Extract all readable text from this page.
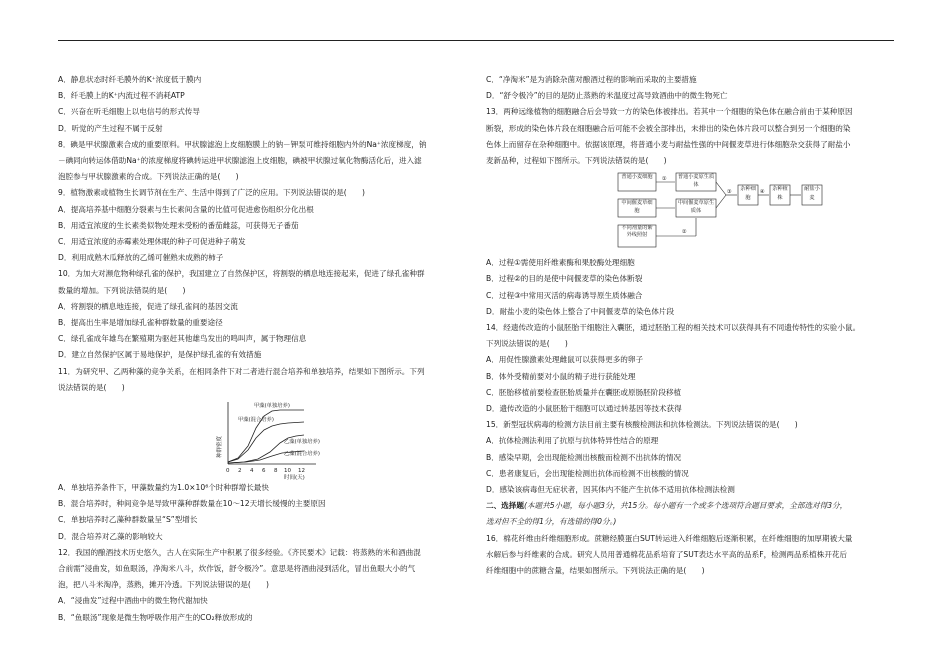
A．静息状态时纤毛膜外的K⁺浓度低于膜内

B．纤毛膜上的K⁺内流过程不消耗ATP

C．兴奋在听毛细胞上以电信号的形式传导

D．听觉的产生过程不属于反射

8．碘是甲状腺激素合成的重要原料。甲状腺滤泡上皮细胞膜上的钠－钾泵可维持细胞内外的Na⁺浓度梯度，钠

－碘同向转运体借助Na⁺的浓度梯度将碘转运进甲状腺滤泡上皮细胞，碘被甲状腺过氧化物酶活化后，进入滤

泡腔参与甲状腺激素的合成。下列说法正确的是(　　)

9．植物激素或植物生长调节剂在生产、生活中得到了广泛的应用。下列说法错误的是(　　)

A．提高培养基中细胞分裂素与生长素间含量的比值可促进愈伤组织分化出根

B．用适宜浓度的生长素类似物处理未受粉的番茄雌蕊，可获得无子番茄

C．用适宜浓度的赤霉素处理休眠的种子可促进种子萌发

D．利用成熟木瓜释放的乙烯可催熟未成熟的柿子

10．为加大对濒危物种绿孔雀的保护，我国建立了自然保护区，将割裂的栖息地连接起来，促进了绿孔雀种群

数量的增加。下列说法错误的是(　　)

A．将割裂的栖息地连接，促进了绿孔雀间的基因交流

B．提高出生率是增加绿孔雀种群数量的重要途径

C．绿孔雀成年雄鸟在繁殖期为驱赶其他雄鸟发出的鸣叫声，属于物理信息

D．建立自然保护区属于易地保护，是保护绿孔雀的有效措施

11．为研究甲、乙两种藻的竞争关系，在相同条件下对二者进行混合培养和单独培养，结果如下图所示。下列

说法错误的是(　　)

种群密度
甲藻(单独培养)
甲藻(混合培养)
乙藻(单独培养)
乙藻(混合培养)
0 2 4 6 8 10 12
时间(天)

A．单独培养条件下，甲藻数量约为1.0×10⁶个时种群增长最快

B．混合培养时，种间竞争是导致甲藻种群数量在10～12天增长缓慢的主要原因

C．单独培养时乙藻种群数量呈“S”型增长

D．混合培养对乙藻的影响较大

12．我国的酿酒技术历史悠久，古人在实际生产中积累了很多经验。《齐民要术》记载：将蒸熟的米和酒曲混

合前需“浸曲发，如鱼眼汤，净淘米八斗，炊作饭，舒令极冷”。意思是将酒曲浸到活化，冒出鱼眼大小的气

泡，把八斗米淘净，蒸熟，摊开冷透。下列说法错误的是(　　)

A．“浸曲发”过程中酒曲中的微生物代谢加快

B．“鱼眼汤”现象是微生物呼吸作用产生的CO₂释放形成的

C．“净淘米”是为消除杂菌对酿酒过程的影响而采取的主要措施

D．“舒令极冷”的目的是防止蒸熟的米温度过高导致酒曲中的微生物死亡

13．两种远缘植物的细胞融合后会导致一方的染色体被排出。若其中一个细胞的染色体在融合前由于某种原因

断裂，形成的染色体片段在细胞融合后可能不会被全部排出，未排出的染色体片段可以整合到另一个细胞的染

色体上而留存在杂种细胞中。依据该原理，将普通小麦与耐盐性强的中间偃麦草进行体细胞杂交获得了耐盐小

麦新品种，过程如下图所示。下列说法错误的是(　　)

普通小麦细胞
中间偃麦草细胞
不同剂量的紫外线照射
普通小麦原生质体
中间偃麦草原生质体
杂种细胞
杂种植株
耐盐小麦
①
②
③	④

A．过程①需使用纤维素酶和果胶酶处理细胞

B．过程②的目的是使中间偃麦草的染色体断裂

C．过程③中常用灭活的病毒诱导原生质体融合

D．耐盐小麦的染色体上整合了中间偃麦草的染色体片段

14．经遗传改造的小鼠胚胎干细胞注入囊胚，通过胚胎工程的相关技术可以获得具有不同遗传特性的实验小鼠。

下列说法错误的是(　　)

A．用促性腺激素处理雌鼠可以获得更多的卵子

B．体外受精前要对小鼠的精子进行获能处理

C．胚胎移植前要检查胚胎质量并在囊胚或原肠胚阶段移植

D．遗传改造的小鼠胚胎干细胞可以通过转基因等技术获得

15．新型冠状病毒的检测方法目前主要有核酸检测法和抗体检测法。下列说法错误的是(　　)

A．抗体检测法利用了抗原与抗体特异性结合的原理

B．感染早期，会出现能检测出核酸而检测不出抗体的情况

C．患者康复后，会出现能检测出抗体而检测不出核酸的情况

D．感染该病毒但无症状者，因其体内不能产生抗体不适用抗体检测法检测

二、选择题(本题共5小题，每小题3分，共15分。每小题有一个或多个选项符合题目要求，全部选对得3分，

选对但不全的得1分，有选错的得0分。)

16．棉花纤维由纤维细胞形成。蔗糖经膜蛋白SUT转运进入纤维细胞后逐渐积累，在纤维细胞的加厚期被大量

水解后参与纤维素的合成。研究人员用普通棉花品系培育了SUT表达水平高的品系F，检测两品系植株开花后

纤维细胞中的蔗糖含量，结果如图所示。下列说法正确的是(　　)
